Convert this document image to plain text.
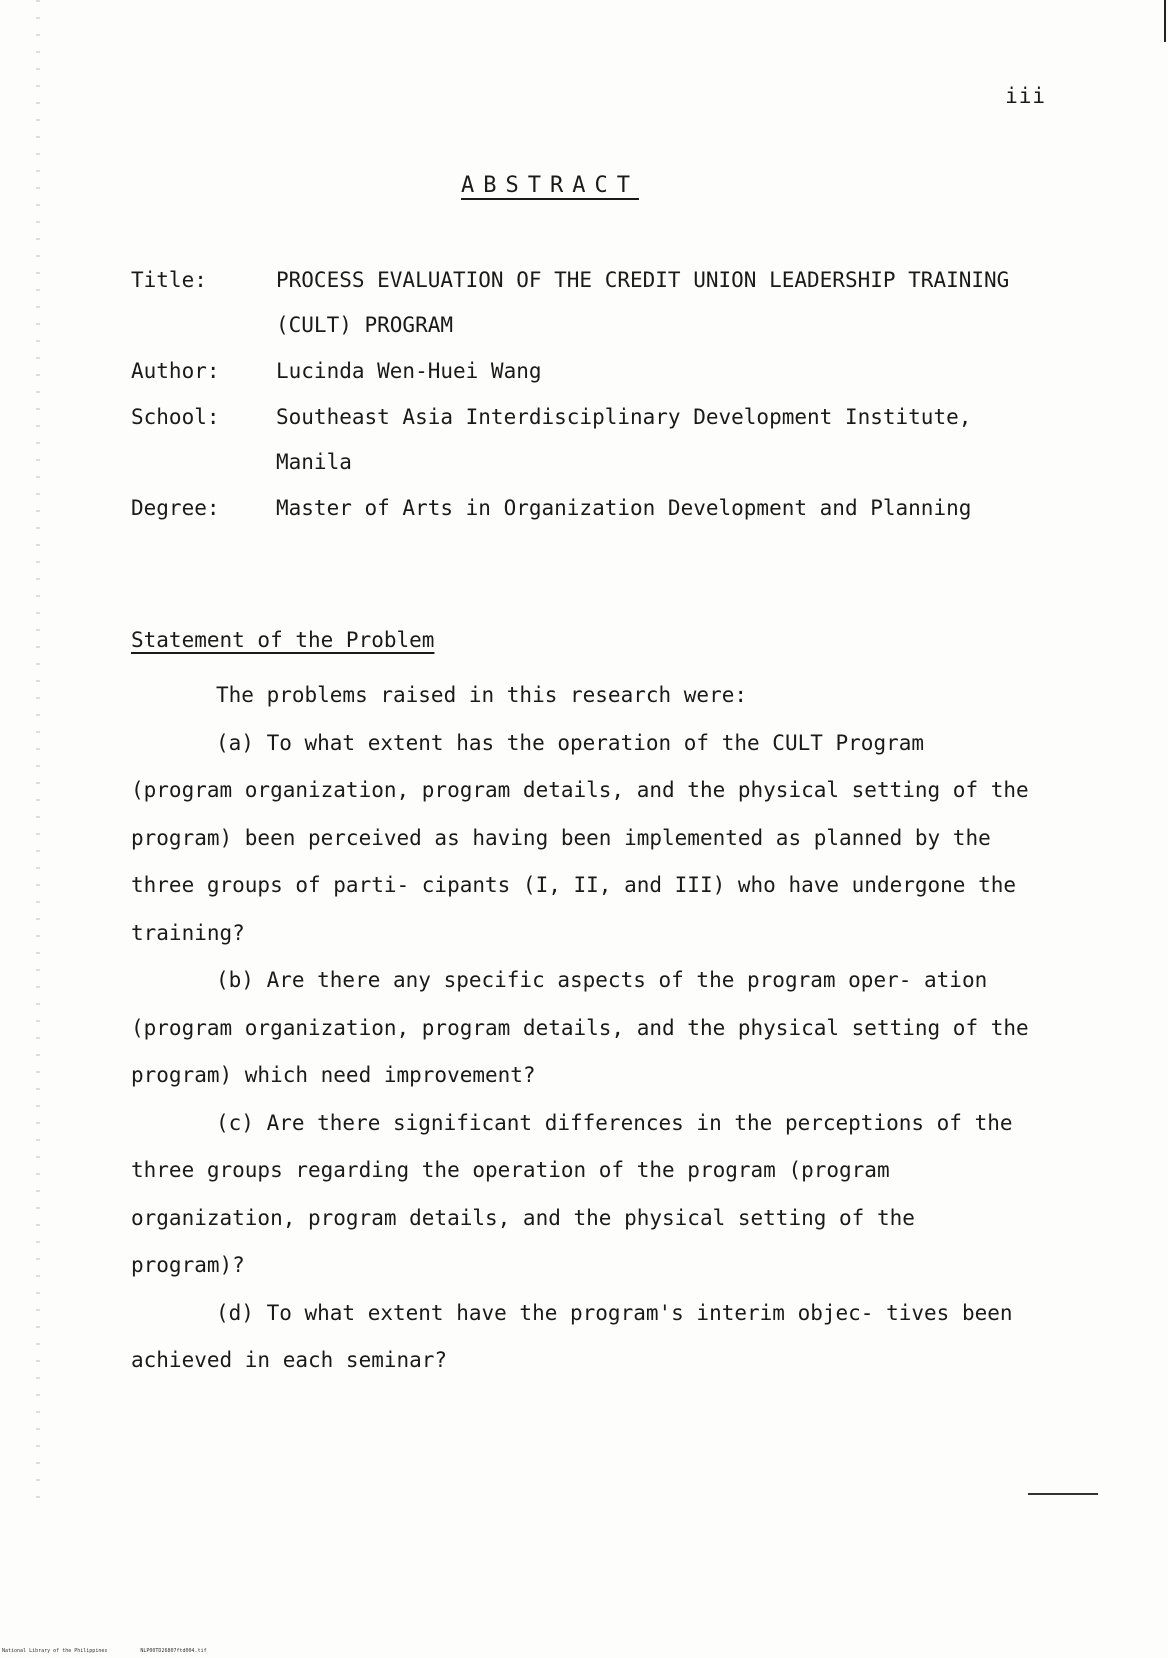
iii
ABSTRACT
Title:	PROCESS EVALUATION OF THE CREDIT UNION LEADERSHIP TRAINING (CULT) PROGRAM
Author:	Lucinda Wen-Huei Wang
School:	Southeast Asia Interdisciplinary Development Institute, Manila
Degree:	Master of Arts in Organization Development and Planning
Statement of the Problem

The problems raised in this research were:

(a) To what extent has the operation of the CULT Program (program organization, program details, and the physical setting of the program) been perceived as having been implemented as planned by the three groups of parti- cipants (I, II, and III) who have undergone the training?

(b) Are there any specific aspects of the program oper- ation (program organization, program details, and the physical setting of the program) which need improvement?

(c) Are there significant differences in the perceptions of the three groups regarding the operation of the program (program organization, program details, and the physical setting of the program)?

(d) To what extent have the program's interim objec- tives been achieved in each seminar?

National Library of the Philippines	NLP00TD26807ftd004.tif
